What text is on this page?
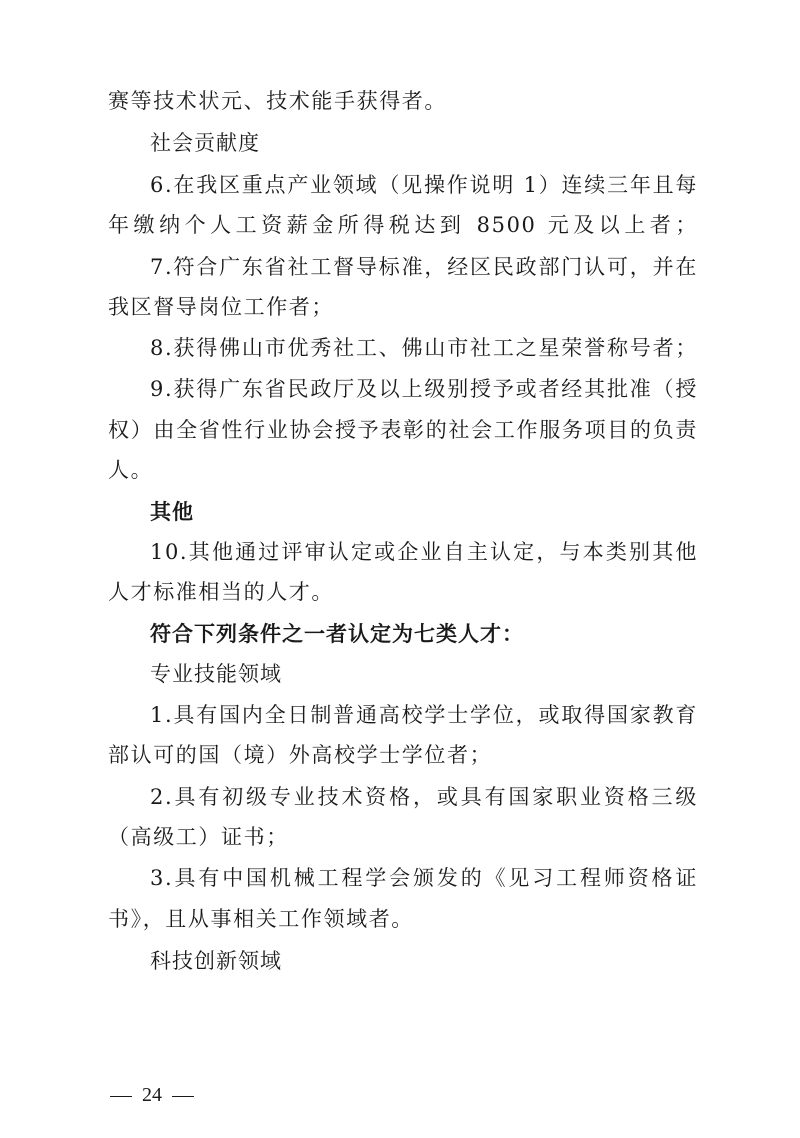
赛等技术状元、技术能手获得者。
社会贡献度
6.在我区重点产业领域（见操作说明 1）连续三年且每
年缴纳个人工资薪金所得税达到 8500 元及以上者；
7.符合广东省社工督导标准，经区民政部门认可，并在
我区督导岗位工作者；
8.获得佛山市优秀社工、佛山市社工之星荣誉称号者；
9.获得广东省民政厅及以上级别授予或者经其批准（授
权）由全省性行业协会授予表彰的社会工作服务项目的负责
人。
其他
10.其他通过评审认定或企业自主认定，与本类别其他
人才标准相当的人才。
符合下列条件之一者认定为七类人才：
专业技能领域
1.具有国内全日制普通高校学士学位，或取得国家教育
部认可的国（境）外高校学士学位者；
2.具有初级专业技术资格，或具有国家职业资格三级
（高级工）证书；
3.具有中国机械工程学会颁发的《见习工程师资格证
书》，且从事相关工作领域者。
科技创新领域
24
